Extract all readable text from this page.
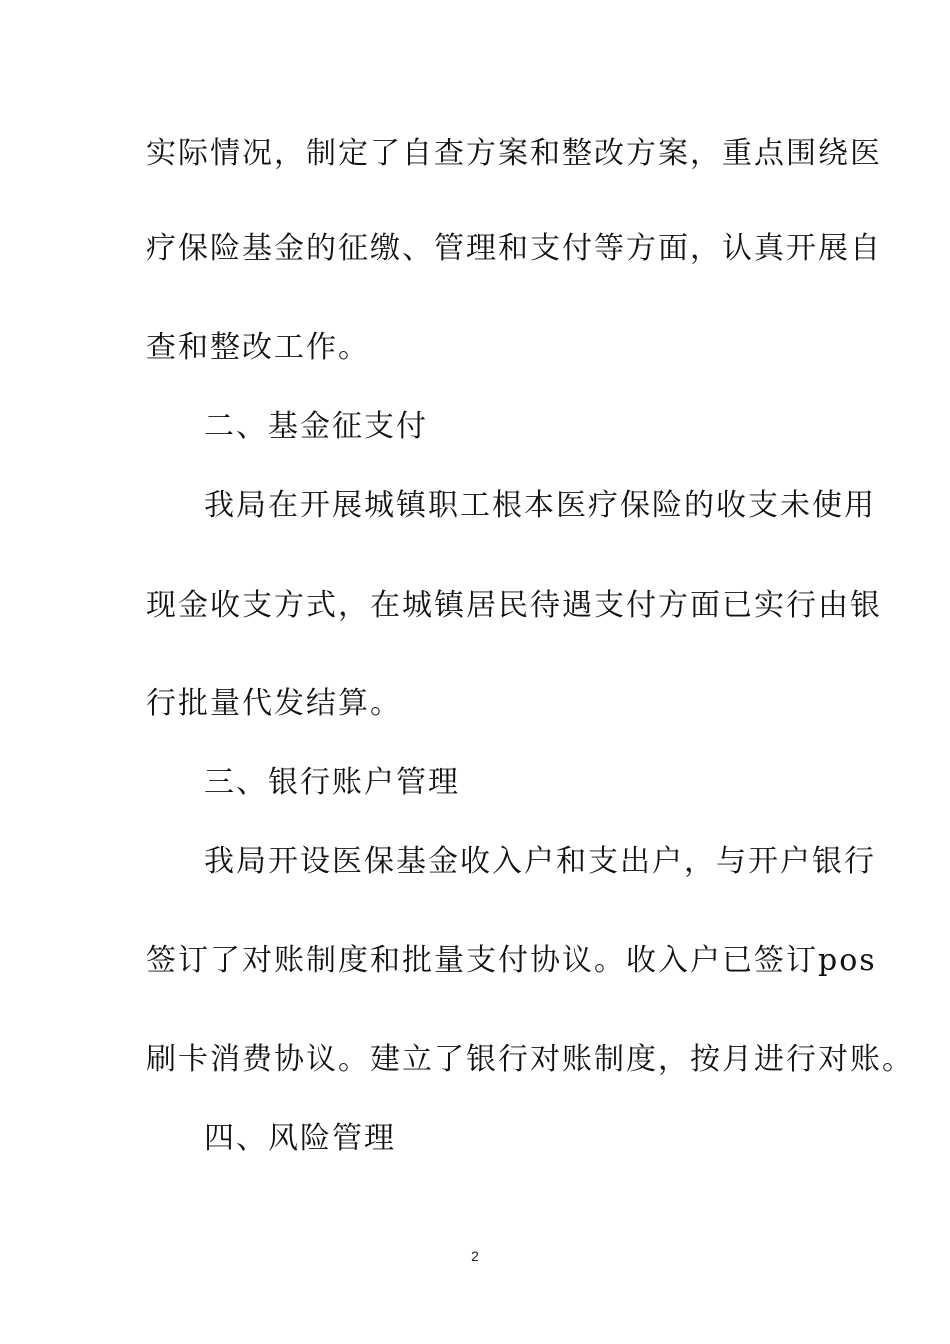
实际情况，制定了自查方案和整改方案，重点围绕医
疗保险基金的征缴、管理和支付等方面，认真开展自
查和整改工作。
二、基金征支付
我局在开展城镇职工根本医疗保险的收支未使用
现金收支方式，在城镇居民待遇支付方面已实行由银
行批量代发结算。
三、银行账户管理
我局开设医保基金收入户和支出户，与开户银行
签订了对账制度和批量支付协议。收入户已签订pos
刷卡消费协议。建立了银行对账制度，按月进行对账。
四、风险管理
2
